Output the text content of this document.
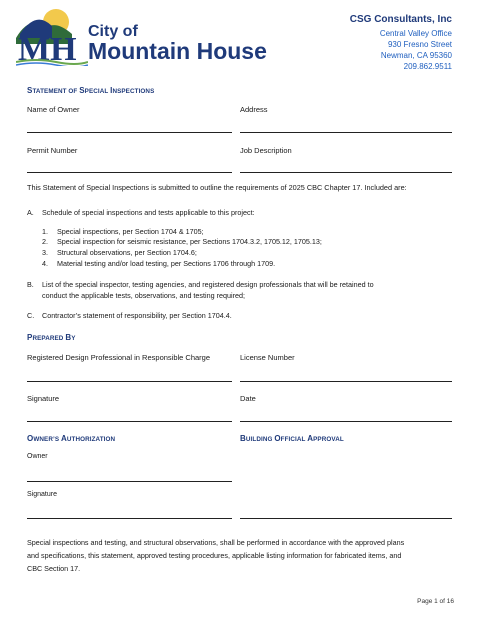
MH City of
Mountain House
CSG Consultants, Inc
Central Valley Office
930 Fresno Street
Newman, CA 95360
209.862.9511
STATEMENT OF SPECIAL INSPECTIONS
Name of Owner	Address
Permit Number	Job Description
This Statement of Special Inspections is submitted to outline the requirements of 2025 CBC Chapter 17. Included are:
A. Schedule of special inspections and tests applicable to this project:
1. Special inspections, per Section 1704 & 1705;
2. Special inspection for seismic resistance, per Sections 1704.3.2, 1705.12, 1705.13;
3. Structural observations, per Section 1704.6;
4. Material testing and/or load testing, per Sections 1706 through 1709.
B. List of the special inspector, testing agencies, and registered design professionals that will be retained to
conduct the applicable tests, observations, and testing required;
C. Contractor’s statement of responsibility, per Section 1704.4.
PREPARED BY
Registered Design Professional in Responsible Charge	License Number
Signature	Date
OWNER’S AUTHORIZATION	BUILDING OFFICIAL APPROVAL
Owner
Signature
Special inspections and testing, and structural observations, shall be performed in accordance with the approved plans
and specifications, this statement, approved testing procedures, applicable listing information for fabricated items, and
CBC Section 17.
Page 1 of 16
